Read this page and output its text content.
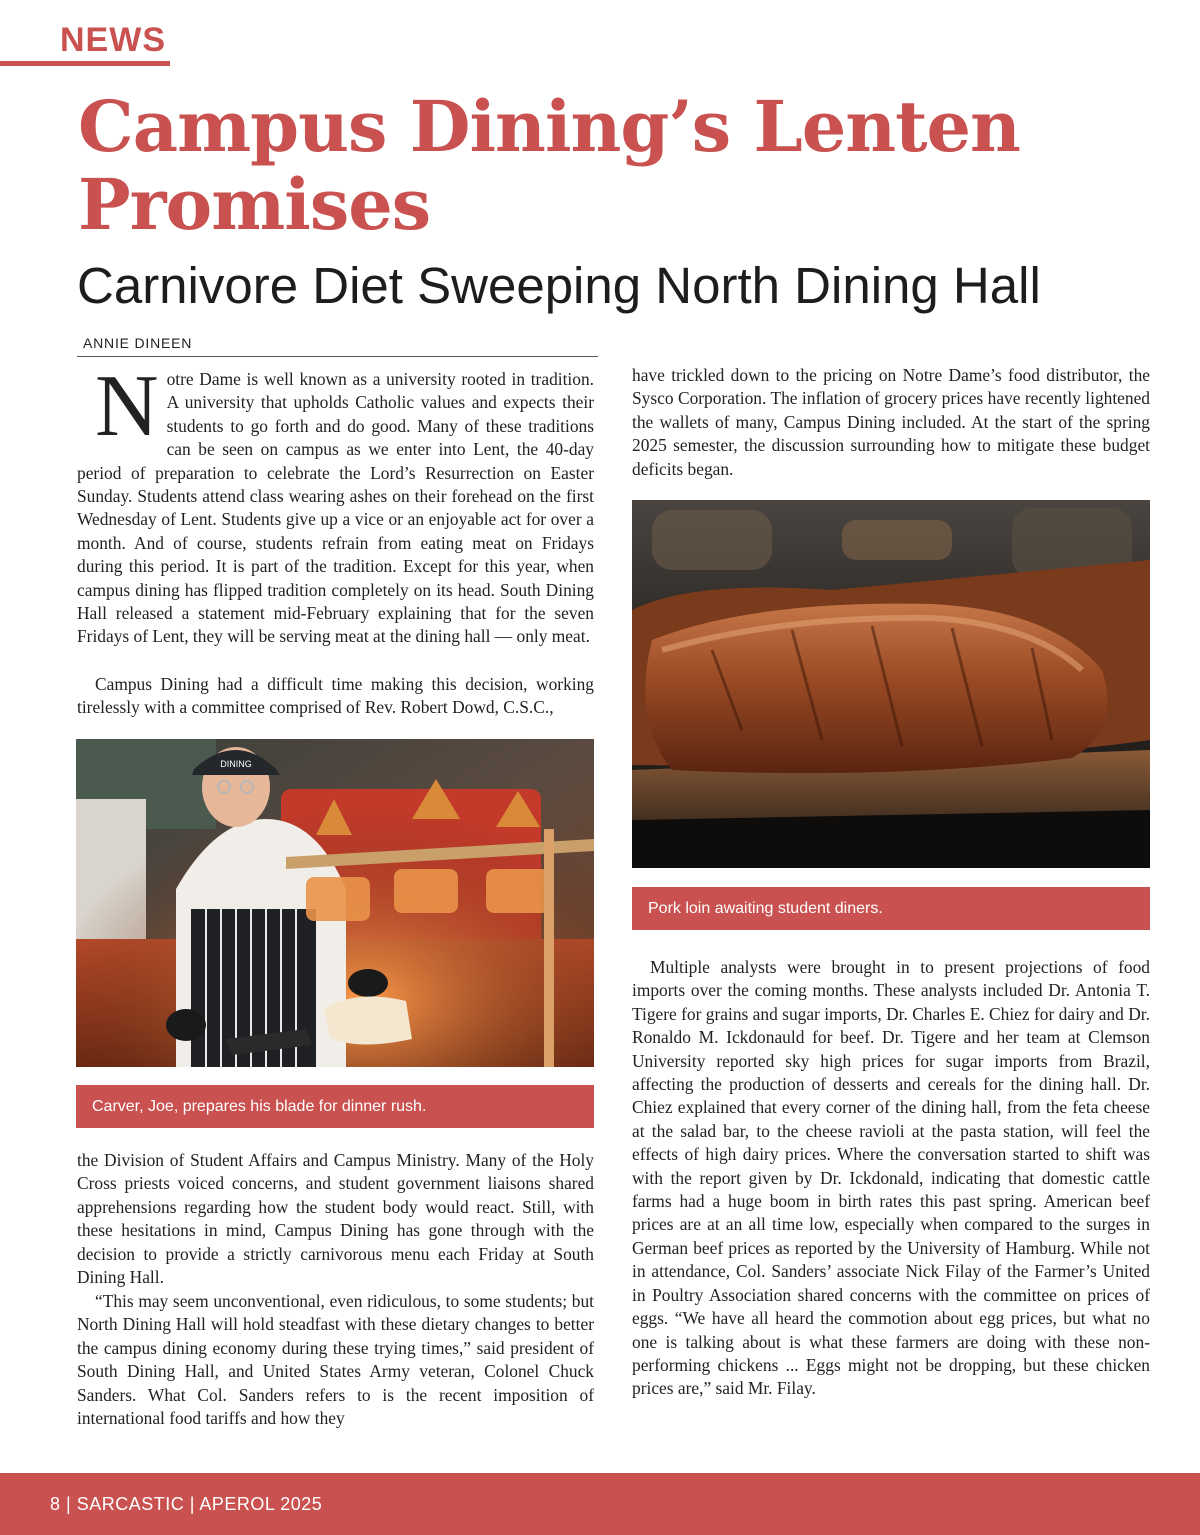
NEWS
Campus Dining’s Lenten Promises
Carnivore Diet Sweeping North Dining Hall
ANNIE DINEEN

Notre Dame is well known as a university rooted in tradition. A university that upholds Catholic values and expects their students to go forth and do good. Many of these traditions can be seen on campus as we enter into Lent, the 40-day period of preparation to celebrate the Lord’s Resurrection on Easter Sunday. Students attend class wearing ashes on their forehead on the first Wednesday of Lent. Students give up a vice or an enjoyable act for over a month. And of course, students refrain from eating meat on Fridays during this period. It is part of the tradition. Except for this year, when campus dining has flipped tradition completely on its head. South Dining Hall released a statement mid-February explaining that for the seven Fridays of Lent, they will be serving meat at the dining hall — only meat.

Campus Dining had a difficult time making this decision, working tirelessly with a committee comprised of Rev. Robert Dowd, C.S.C.,

DINING
Carver, Joe, prepares his blade for dinner rush.

the Division of Student Affairs and Campus Ministry. Many of the Holy Cross priests voiced concerns, and student government liaisons shared apprehensions regarding how the student body would react. Still, with these hesitations in mind, Campus Dining has gone through with the decision to provide a strictly carnivorous menu each Friday at South Dining Hall.

“This may seem unconventional, even ridiculous, to some students; but North Dining Hall will hold steadfast with these dietary changes to better the campus dining economy during these trying times,” said president of South Dining Hall, and United States Army veteran, Colonel Chuck Sanders. What Col. Sanders refers to is the recent imposition of international food tariffs and how they

have trickled down to the pricing on Notre Dame’s food distributor, the Sysco Corporation. The inflation of grocery prices have recently lightened the wallets of many, Campus Dining included. At the start of the spring 2025 semester, the discussion surrounding how to mitigate these budget deficits began.

Pork loin awaiting student diners.

Multiple analysts were brought in to present projections of food imports over the coming months. These analysts included Dr. Antonia T. Tigere for grains and sugar imports, Dr. Charles E. Chiez for dairy and Dr. Ronaldo M. Ickdonauld for beef. Dr. Tigere and her team at Clemson University reported sky high prices for sugar imports from Brazil, affecting the production of desserts and cereals for the dining hall. Dr. Chiez explained that every corner of the dining hall, from the feta cheese at the salad bar, to the cheese ravioli at the pasta station, will feel the effects of high dairy prices. Where the conversation started to shift was with the report given by Dr. Ickdonald, indicating that domestic cattle farms had a huge boom in birth rates this past spring. American beef prices are at an all time low, especially when compared to the surges in German beef prices as reported by the University of Hamburg. While not in attendance, Col. Sanders’ associate Nick Filay of the Farmer’s United in Poultry Association shared concerns with the committee on prices of eggs. “We have all heard the commotion about egg prices, but what no one is talking about is what these farmers are doing with these non-performing chickens ... Eggs might not be dropping, but these chicken prices are,” said Mr. Filay.

8 | SARCASTIC | APEROL 2025
